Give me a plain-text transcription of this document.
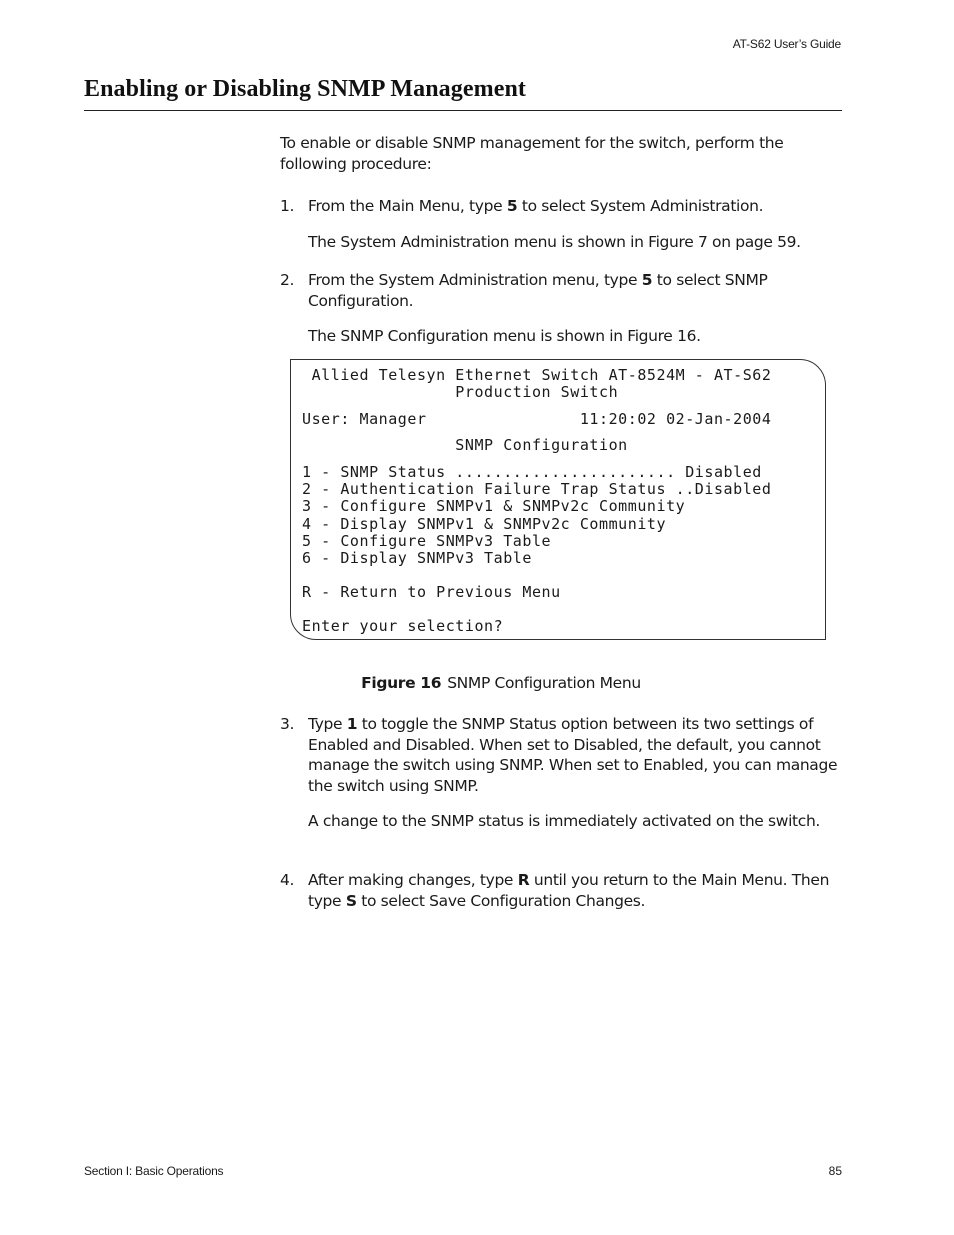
AT-S62 User’s Guide
Enabling or Disabling SNMP Management

To enable or disable SNMP management for the switch, perform the following procedure:

1. From the Main Menu, type 5 to select System Administration.

The System Administration menu is shown in Figure 7 on page 59.

2. From the System Administration menu, type 5 to select SNMP Configuration.

The SNMP Configuration menu is shown in Figure 16.

Allied Telesyn Ethernet Switch AT-8524M - AT-S62
Production Switch
User: Manager                11:20:02 02-Jan-2004
SNMP Configuration
1 - SNMP Status ....................... Disabled
2 - Authentication Failure Trap Status ..Disabled
3 - Configure SNMPv1 & SNMPv2c Community
4 - Display SNMPv1 & SNMPv2c Community
5 - Configure SNMPv3 Table
6 - Display SNMPv3 Table
R - Return to Previous Menu
Enter your selection?
Figure 16 SNMP Configuration Menu
3. Type 1 to toggle the SNMP Status option between its two settings of Enabled and Disabled. When set to Disabled, the default, you cannot manage the switch using SNMP. When set to Enabled, you can manage the switch using SNMP.

A change to the SNMP status is immediately activated on the switch.

4. After making changes, type R until you return to the Main Menu. Then type S to select Save Configuration Changes.
Section I: Basic Operations	85
